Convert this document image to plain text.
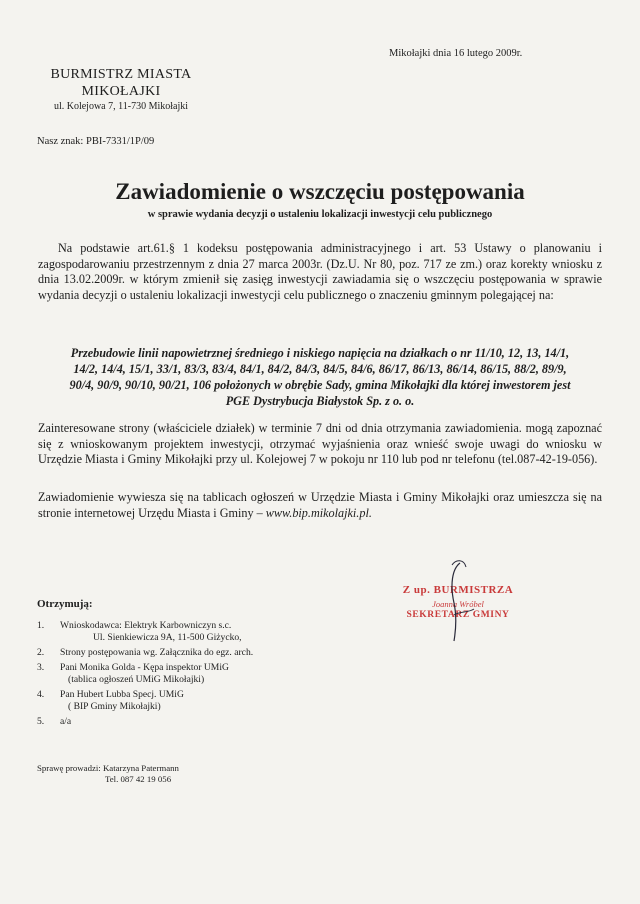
Mikołajki dnia 16 lutego 2009r.
BURMISTRZ MIASTA
MIKOŁAJKI
ul. Kolejowa 7, 11-730 Mikołajki
Nasz znak: PBI-7331/1P/09
Zawiadomienie o wszczęciu postępowania
w sprawie wydania decyzji o ustaleniu lokalizacji inwestycji celu publicznego
Na podstawie art.61.§ 1 kodeksu postępowania administracyjnego i art. 53 Ustawy o planowaniu i zagospodarowaniu przestrzennym z dnia 27 marca 2003r. (Dz.U. Nr 80, poz. 717 ze zm.) oraz korekty wniosku z dnia 13.02.2009r. w którym zmienił się zasięg inwestycji zawiadamia się o wszczęciu postępowania w sprawie wydania decyzji o ustaleniu lokalizacji inwestycji celu publicznego o znaczeniu gminnym polegającej na:
Przebudowie linii napowietrznej średniego i niskiego napięcia na działkach o nr 11/10, 12, 13, 14/1,
14/2, 14/4, 15/1, 33/1, 83/3, 83/4, 84/1, 84/2, 84/3, 84/5, 84/6, 86/17, 86/13, 86/14, 86/15, 88/2, 89/9,
90/4, 90/9, 90/10, 90/21, 106 położonych w obrębie Sady, gmina Mikołajki dla której inwestorem jest
PGE Dystrybucja Białystok Sp. z o. o.
Zainteresowane strony (właściciele działek) w terminie 7 dni od dnia otrzymania zawiadomienia. mogą zapoznać się z wnioskowanym projektem inwestycji, otrzymać wyjaśnienia oraz wnieść swoje uwagi do wniosku w Urzędzie Miasta i Gminy Mikołajki przy ul. Kolejowej 7 w pokoju nr 110 lub pod nr telefonu (tel.087-42-19-056).
Zawiadomienie wywiesza się na tablicach ogłoszeń w Urzędzie Miasta i Gminy Mikołajki oraz umieszcza się na stronie internetowej Urzędu Miasta i Gminy – www.bip.mikolajki.pl.
Z up. BURMISTRZA
Joanna Wróbel
SEKRETARZ GMINY
Otrzymują:
1.	Wnioskodawca: Elektryk Karbowniczyn s.c.
Ul. Sienkiewicza 9A, 11-500 Giżycko,
2.	Strony postępowania wg. Załącznika do egz. arch.
3.	Pani Monika Golda - Kępa inspektor UMiG
(tablica ogłoszeń UMiG Mikołajki)
4.	Pan Hubert Lubba Specj. UMiG
( BIP Gminy Mikołajki)
5.	a/a
Sprawę prowadzi: Katarzyna Patermann
Tel. 087 42 19 056
